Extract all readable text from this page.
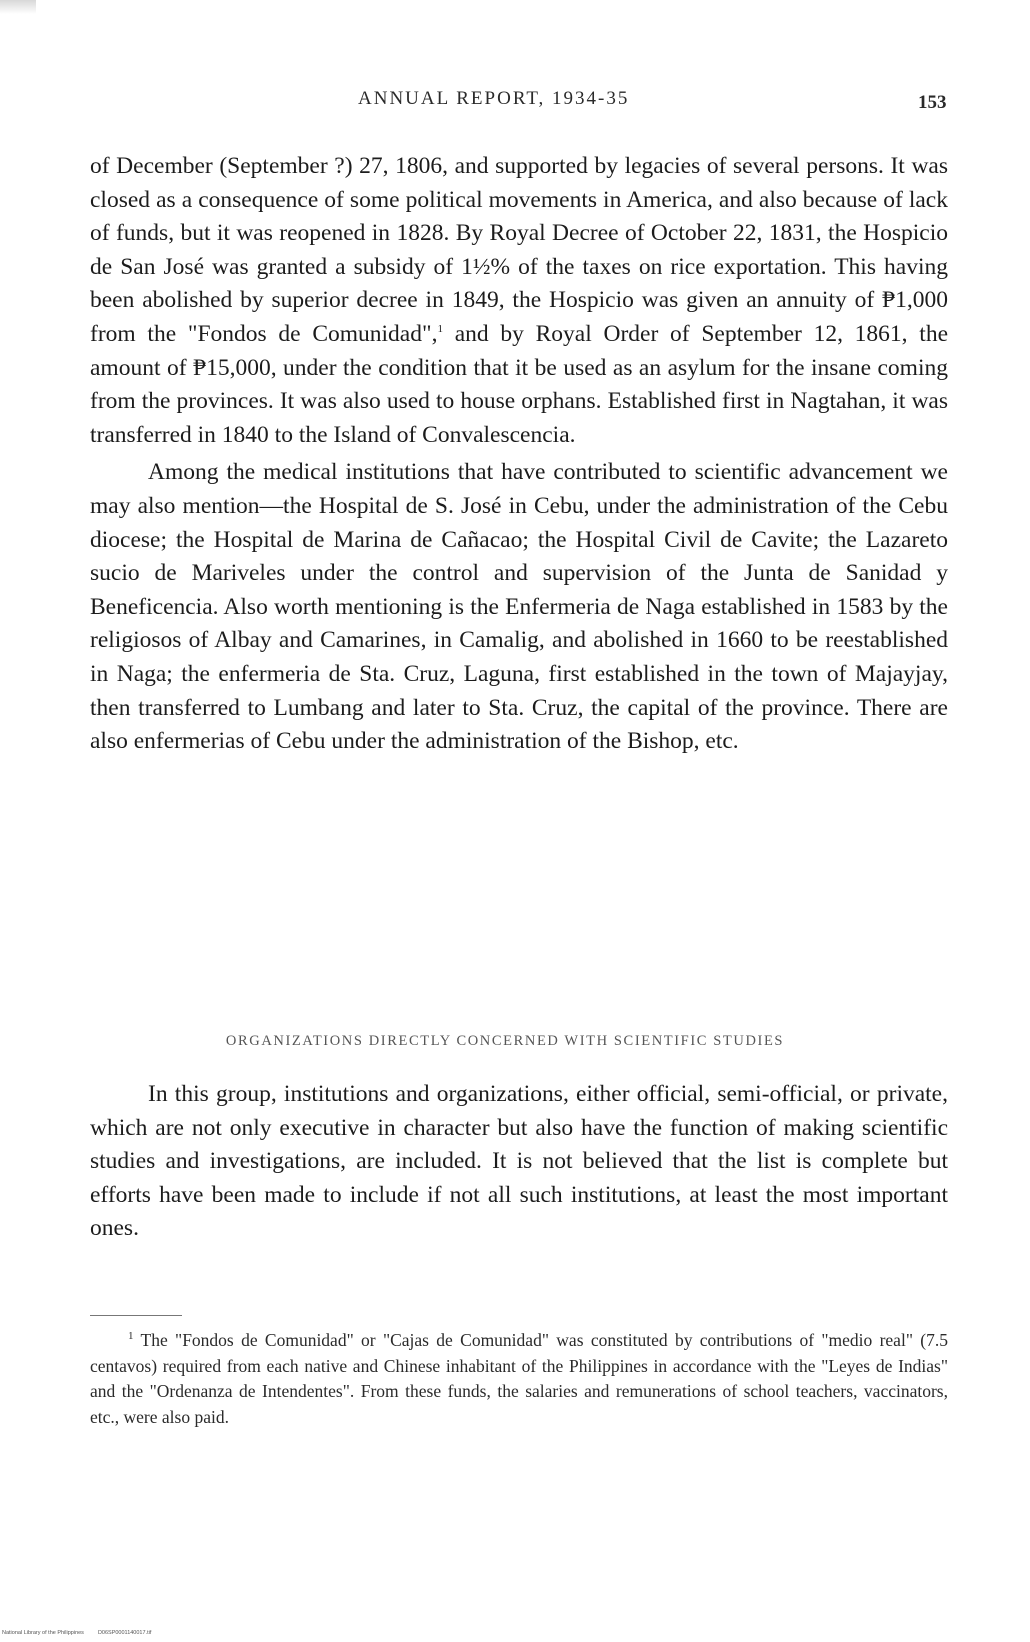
ANNUAL REPORT, 1934-35	153

of December (September ?) 27, 1806, and supported by legacies of several persons. It was closed as a consequence of some political movements in America, and also because of lack of funds, but it was reopened in 1828. By Royal Decree of October 22, 1831, the Hospicio de San José was granted a subsidy of 1½% of the taxes on rice exportation. This having been abolished by superior decree in 1849, the Hospicio was given an annuity of ₱1,000 from the "Fondos de Comunidad",$^1$ and by Royal Order of September 12, 1861, the amount of ₱15,000, under the condition that it be used as an asylum for the insane coming from the provinces. It was also used to house orphans. Established first in Nagtahan, it was transferred in 1840 to the Island of Convalescencia.

Among the medical institutions that have contributed to scientific advancement we may also mention—the Hospital de S. José in Cebu, under the administration of the Cebu diocese; the Hospital de Marina de Cañacao; the Hospital Civil de Cavite; the Lazareto sucio de Mariveles under the control and supervision of the Junta de Sanidad y Beneficencia. Also worth mentioning is the Enfermeria de Naga established in 1583 by the religiosos of Albay and Camarines, in Camalig, and abolished in 1660 to be reestablished in Naga; the enfermeria de Sta. Cruz, Laguna, first established in the town of Majayjay, then transferred to Lumbang and later to Sta. Cruz, the capital of the province. There are also enfermerias of Cebu under the administration of the Bishop, etc.

ORGANIZATIONS DIRECTLY CONCERNED WITH SCIENTIFIC STUDIES

In this group, institutions and organizations, either official, semi-official, or private, which are not only executive in character but also have the function of making scientific studies and investigations, are included. It is not believed that the list is complete but efforts have been made to include if not all such institutions, at least the most important ones.

$^1$ The "Fondos de Comunidad" or "Cajas de Comunidad" was constituted by contributions of "medio real" (7.5 centavos) required from each native and Chinese inhabitant of the Philippines in accordance with the "Leyes de Indias" and the "Ordenanza de Intendentes". From these funds, the salaries and remunerations of school teachers, vaccinators, etc., were also paid.

National Library of the Philippines	D06SP0001140017.tif
